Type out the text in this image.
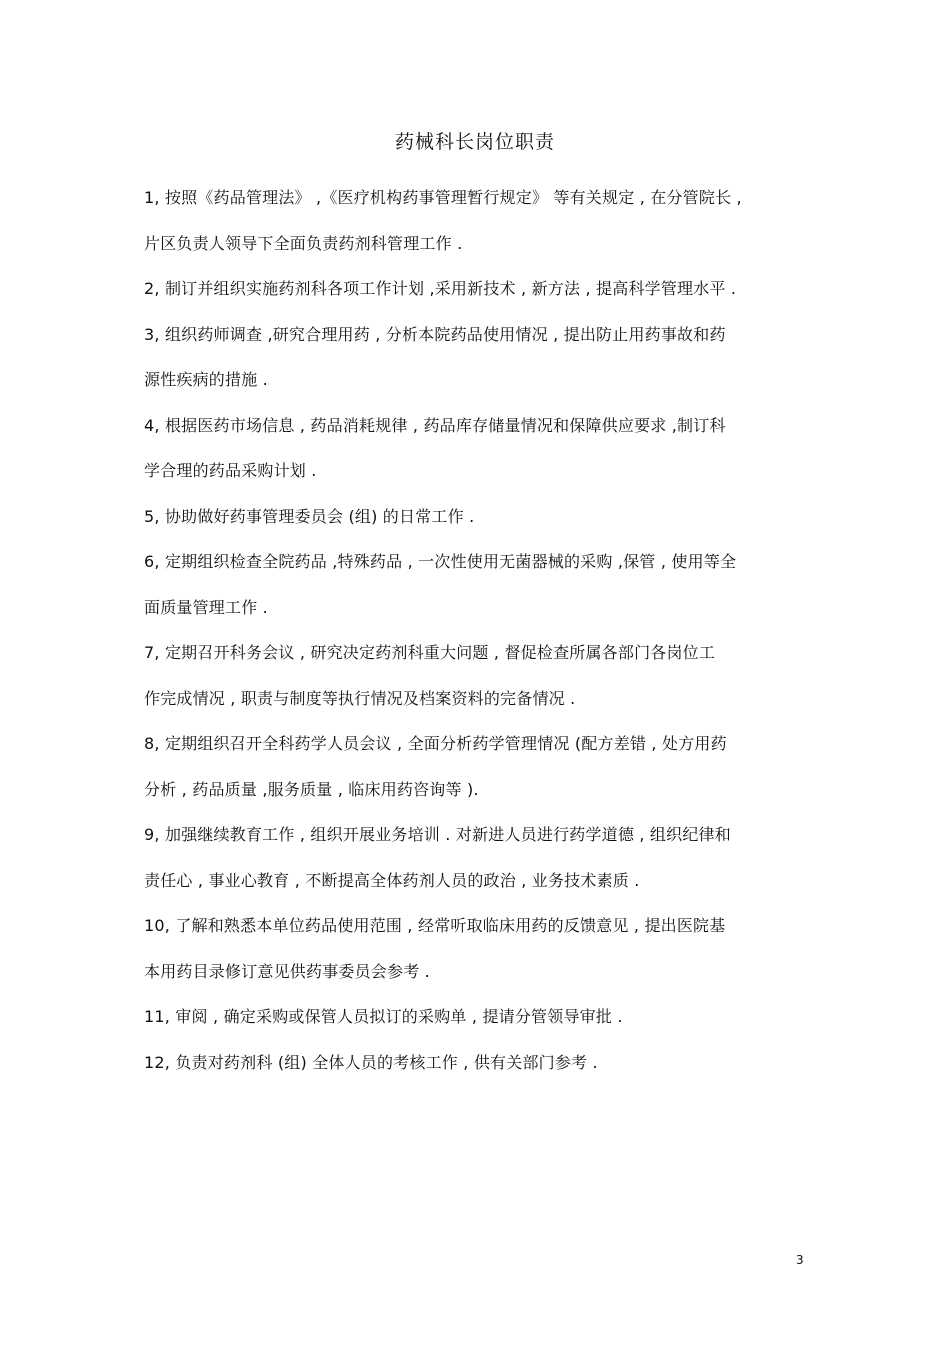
药械科长岗位职责
1, 按照《药品管理法》 ,《医疗机构药事管理暂行规定》 等有关规定 , 在分管院长 ,
片区负责人领导下全面负责药剂科管理工作 .
2, 制订并组织实施药剂科各项工作计划 ,采用新技术 , 新方法 , 提高科学管理水平 .
3, 组织药师调查 ,研究合理用药 , 分析本院药品使用情况 , 提出防止用药事故和药
源性疾病的措施 .
4, 根据医药市场信息 , 药品消耗规律 , 药品库存储量情况和保障供应要求 ,制订科
学合理的药品采购计划 .
5, 协助做好药事管理委员会 (组) 的日常工作 .
6, 定期组织检查全院药品 ,特殊药品 , 一次性使用无菌器械的采购 ,保管 , 使用等全
面质量管理工作 .
7, 定期召开科务会议 , 研究决定药剂科重大问题 , 督促检查所属各部门各岗位工
作完成情况 , 职责与制度等执行情况及档案资料的完备情况 .
8, 定期组织召开全科药学人员会议 , 全面分析药学管理情况 (配方差错 , 处方用药
分析 , 药品质量 ,服务质量 , 临床用药咨询等 ).
9, 加强继续教育工作 , 组织开展业务培训 . 对新进人员进行药学道德 , 组织纪律和
责任心 , 事业心教育 , 不断提高全体药剂人员的政治 , 业务技术素质 .
10, 了解和熟悉本单位药品使用范围 , 经常听取临床用药的反馈意见 , 提出医院基
本用药目录修订意见供药事委员会参考 .
11, 审阅 , 确定采购或保管人员拟订的采购单 , 提请分管领导审批 .
12, 负责对药剂科 (组) 全体人员的考核工作 , 供有关部门参考 .
3
